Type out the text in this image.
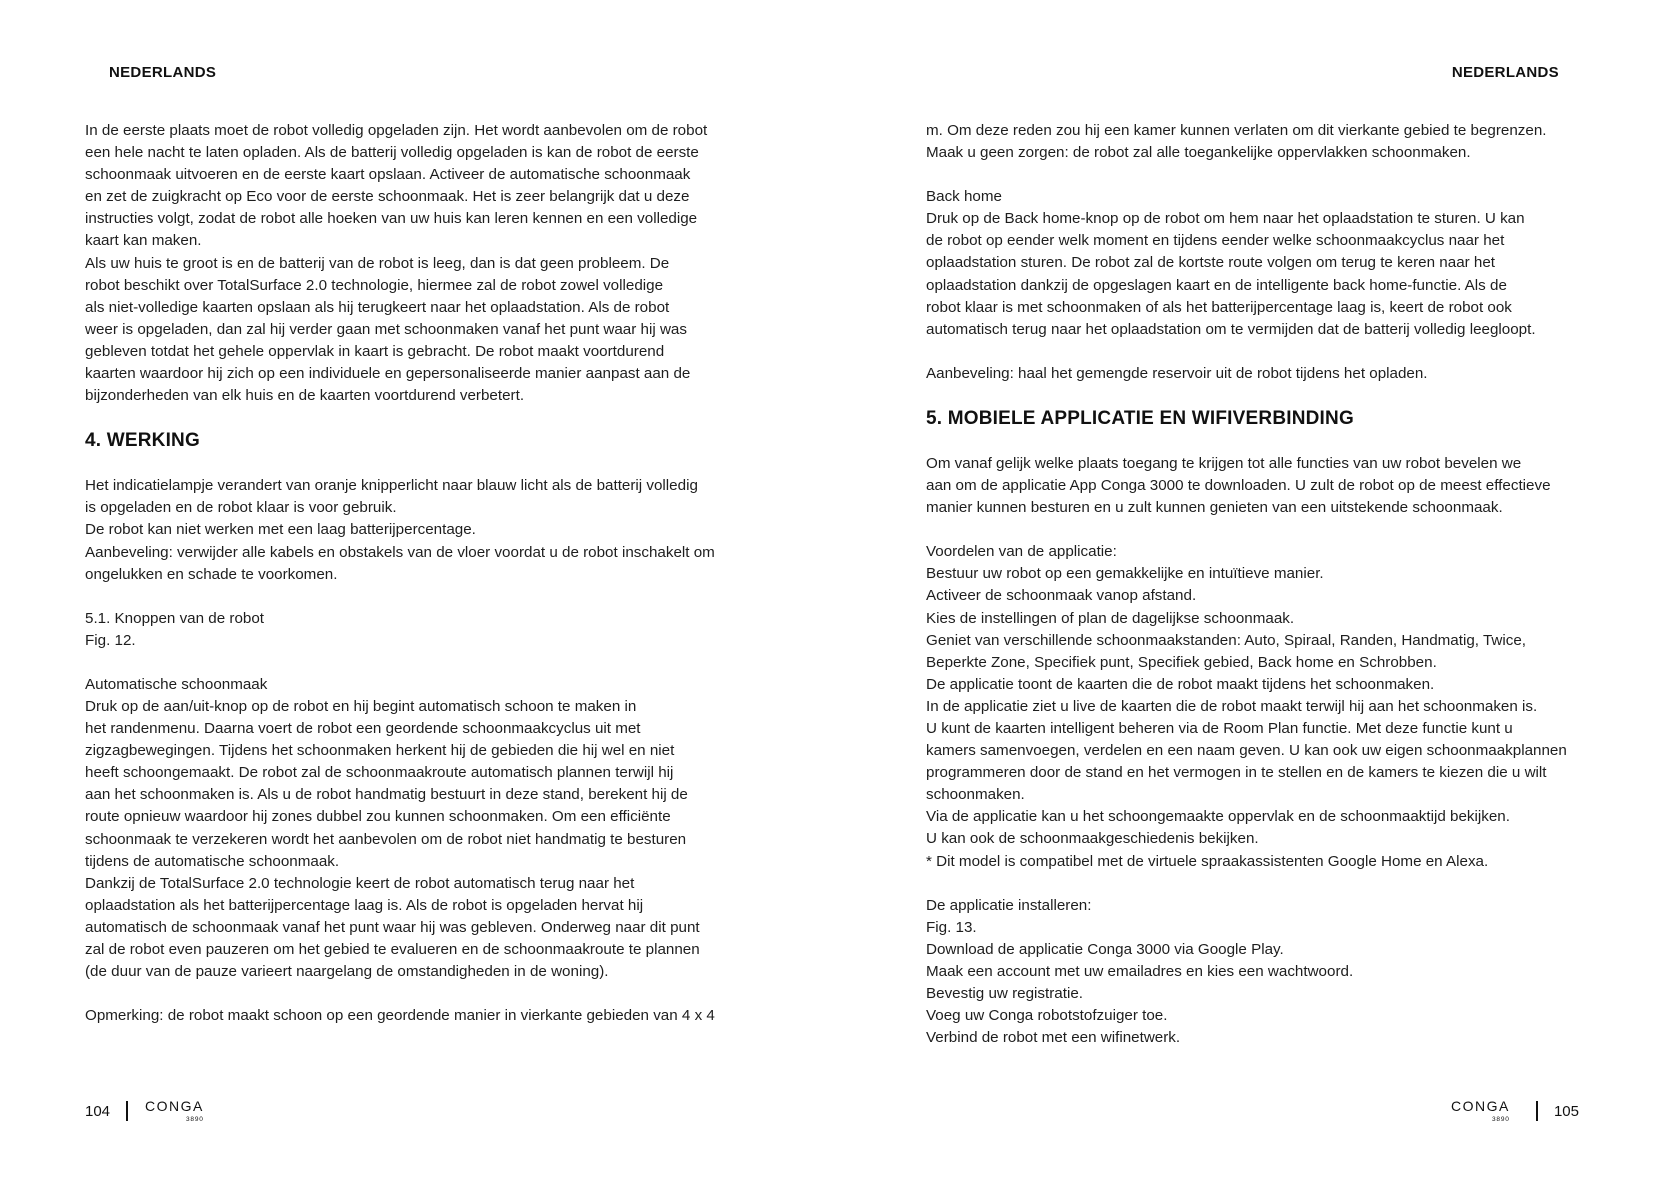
NEDERLANDS

In de eerste plaats moet de robot volledig opgeladen zijn. Het wordt aanbevolen om de robot

een hele nacht te laten opladen. Als de batterij volledig opgeladen is kan de robot de eerste

schoonmaak uitvoeren en de eerste kaart opslaan. Activeer de automatische schoonmaak

en zet de zuigkracht op Eco voor de eerste schoonmaak. Het is zeer belangrijk dat u deze

instructies volgt, zodat de robot alle hoeken van uw huis kan leren kennen en een volledige

kaart kan maken.

Als uw huis te groot is en de batterij van de robot is leeg, dan is dat geen probleem. De

robot beschikt over TotalSurface 2.0 technologie, hiermee zal de robot zowel volledige

als niet-volledige kaarten opslaan als hij terugkeert naar het oplaadstation. Als de robot

weer is opgeladen, dan zal hij verder gaan met schoonmaken vanaf het punt waar hij was

gebleven totdat het gehele oppervlak in kaart is gebracht. De robot maakt voortdurend

kaarten waardoor hij zich op een individuele en gepersonaliseerde manier aanpast aan de

bijzonderheden van elk huis en de kaarten voortdurend verbetert.

4. WERKING

Het indicatielampje verandert van oranje knipperlicht naar blauw licht als de batterij volledig

is opgeladen en de robot klaar is voor gebruik.

De robot kan niet werken met een laag batterijpercentage.

Aanbeveling: verwijder alle kabels en obstakels van de vloer voordat u de robot inschakelt om

ongelukken en schade te voorkomen.

5.1. Knoppen van de robot

Fig. 12.

Automatische schoonmaak

Druk op de aan/uit-knop op de robot en hij begint automatisch schoon te maken in

het randenmenu. Daarna voert de robot een geordende schoonmaakcyclus uit met

zigzagbewegingen. Tijdens het schoonmaken herkent hij de gebieden die hij wel en niet

heeft schoongemaakt. De robot zal de schoonmaakroute automatisch plannen terwijl hij

aan het schoonmaken is. Als u de robot handmatig bestuurt in deze stand, berekent hij de

route opnieuw waardoor hij zones dubbel zou kunnen schoonmaken. Om een efficiënte

schoonmaak te verzekeren wordt het aanbevolen om de robot niet handmatig te besturen

tijdens de automatische schoonmaak.

Dankzij de TotalSurface 2.0 technologie keert de robot automatisch terug naar het

oplaadstation als het batterijpercentage laag is. Als de robot is opgeladen hervat hij

automatisch de schoonmaak vanaf het punt waar hij was gebleven. Onderweg naar dit punt

zal de robot even pauzeren om het gebied te evalueren en de schoonmaakroute te plannen

(de duur van de pauze varieert naargelang de omstandigheden in de woning).

Opmerking: de robot maakt schoon op een geordende manier in vierkante gebieden van 4 x 4

104	CONGA
3890
NEDERLANDS

m. Om deze reden zou hij een kamer kunnen verlaten om dit vierkante gebied te begrenzen.

Maak u geen zorgen: de robot zal alle toegankelijke oppervlakken schoonmaken.

Back home

Druk op de Back home-knop op de robot om hem naar het oplaadstation te sturen. U kan

de robot op eender welk moment en tijdens eender welke schoonmaakcyclus naar het

oplaadstation sturen. De robot zal de kortste route volgen om terug te keren naar het

oplaadstation dankzij de opgeslagen kaart en de intelligente back home-functie. Als de

robot klaar is met schoonmaken of als het batterijpercentage laag is, keert de robot ook

automatisch terug naar het oplaadstation om te vermijden dat de batterij volledig leegloopt.

Aanbeveling: haal het gemengde reservoir uit de robot tijdens het opladen.

5. MOBIELE APPLICATIE EN WIFIVERBINDING

Om vanaf gelijk welke plaats toegang te krijgen tot alle functies van uw robot bevelen we

aan om de applicatie App Conga 3000 te downloaden. U zult de robot op de meest effectieve

manier kunnen besturen en u zult kunnen genieten van een uitstekende schoonmaak.

Voordelen van de applicatie:

Bestuur uw robot op een gemakkelijke en intuïtieve manier.

Activeer de schoonmaak vanop afstand.

Kies de instellingen of plan de dagelijkse schoonmaak.

Geniet van verschillende schoonmaakstanden: Auto, Spiraal, Randen, Handmatig, Twice,

Beperkte Zone, Specifiek punt, Specifiek gebied, Back home en Schrobben.

De applicatie toont de kaarten die de robot maakt tijdens het schoonmaken.

In de applicatie ziet u live de kaarten die de robot maakt terwijl hij aan het schoonmaken is.

U kunt de kaarten intelligent beheren via de Room Plan functie. Met deze functie kunt u

kamers samenvoegen, verdelen en een naam geven. U kan ook uw eigen schoonmaakplannen

programmeren door de stand en het vermogen in te stellen en de kamers te kiezen die u wilt

schoonmaken.

Via de applicatie kan u het schoongemaakte oppervlak en de schoonmaaktijd bekijken.

U kan ook de schoonmaakgeschiedenis bekijken.

* Dit model is compatibel met de virtuele spraakassistenten Google Home en Alexa.

De applicatie installeren:

Fig. 13.

Download de applicatie Conga 3000 via Google Play.

Maak een account met uw emailadres en kies een wachtwoord.

Bevestig uw registratie.

Voeg uw Conga robotstofzuiger toe.

Verbind de robot met een wifinetwerk.

CONGA
3890	105
